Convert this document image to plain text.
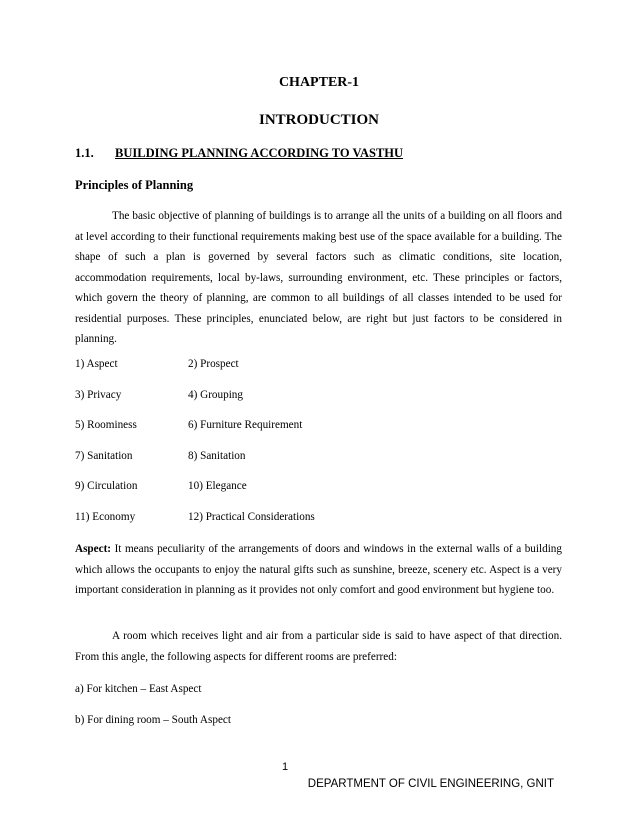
CHAPTER-1
INTRODUCTION
1.1. BUILDING PLANNING ACCORDING TO VASTHU
Principles of Planning

The basic objective of planning of buildings is to arrange all the units of a building on all floors and at level according to their functional requirements making best use of the space available for a building. The shape of such a plan is governed by several factors such as climatic conditions, site location, accommodation requirements, local by-laws, surrounding environment, etc. These principles or factors, which govern the theory of planning, are common to all buildings of all classes intended to be used for residential purposes. These principles, enunciated below, are right but just factors to be considered in planning.

1) Aspect	2) Prospect
3) Privacy	4) Grouping
5) Roominess	6) Furniture Requirement
7) Sanitation	8) Sanitation
9) Circulation	10) Elegance
11) Economy	12) Practical Considerations

Aspect: It means peculiarity of the arrangements of doors and windows in the external walls of a building which allows the occupants to enjoy the natural gifts such as sunshine, breeze, scenery etc. Aspect is a very important consideration in planning as it provides not only comfort and good environment but hygiene too.

A room which receives light and air from a particular side is said to have aspect of that direction. From this angle, the following aspects for different rooms are preferred:

a) For kitchen – East Aspect
b) For dining room – South Aspect
1
DEPARTMENT OF CIVIL ENGINEERING, GNIT
